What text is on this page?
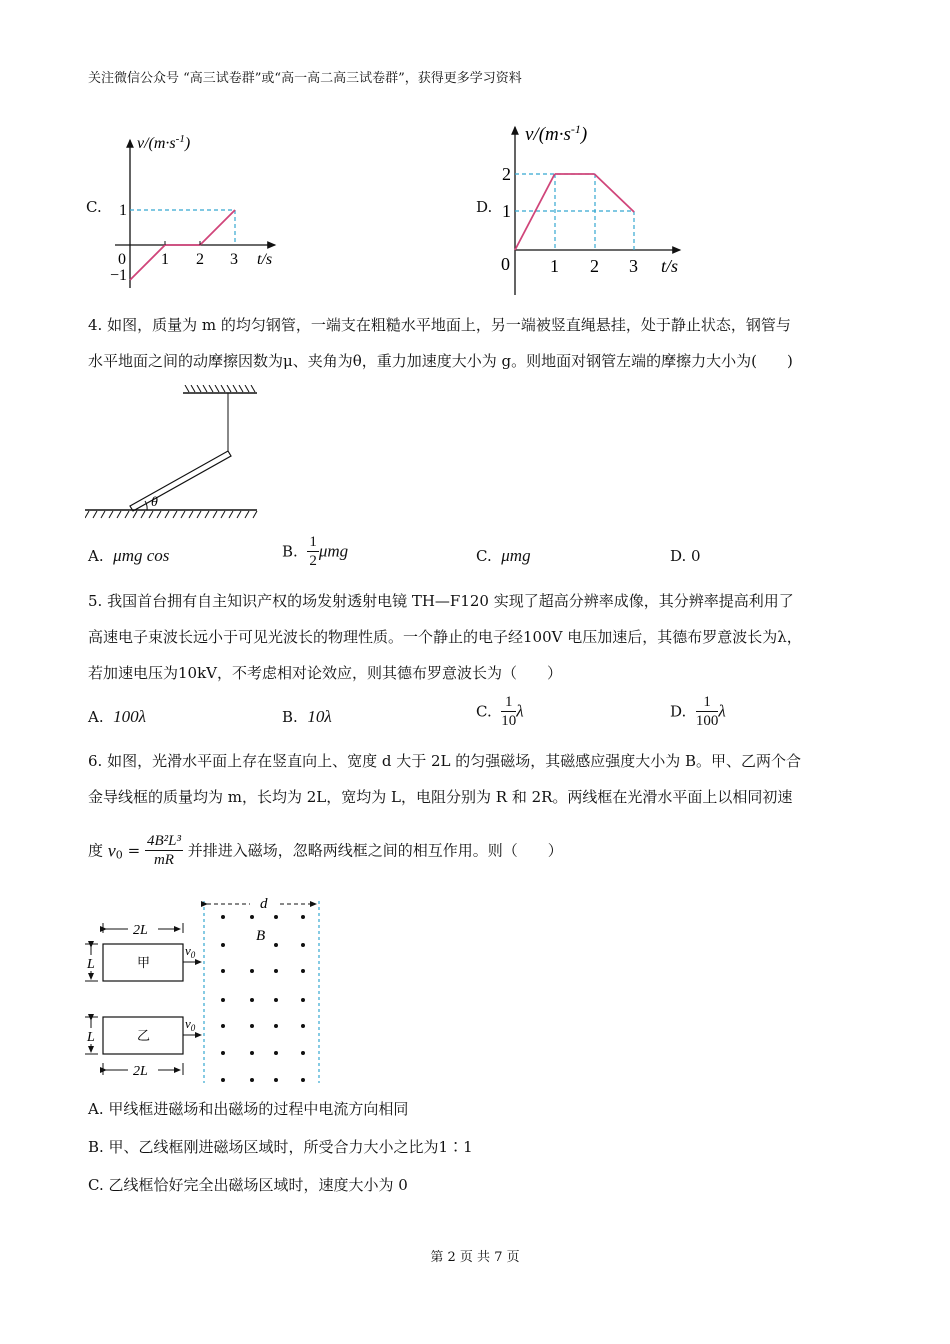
关注微信公众号 “高三试卷群”或“高一高二高三试卷群”，获得更多学习资料
C.
$v/(m\cdot s^{-1})$
t/s
1
−1
0 1 2 3
D.
$v/(m\cdot s^{-1})$
t/s
2
1
0 1 2 3
4. 如图，质量为 m 的均匀钢管，一端支在粗糙水平地面上，另一端被竖直绳悬挂，处于静止状态，钢管与
水平地面之间的动摩擦因数为μ、夹角为θ，重力加速度大小为 g。则地面对钢管左端的摩擦力大小为(　　)
θ
A. μmg cos	B. $\frac{1}{2}$ μmg	C. μmg	D. 0
5. 我国首台拥有自主知识产权的场发射透射电镜 TH—F120 实现了超高分辨率成像，其分辨率提高利用了
高速电子束波长远小于可见光波长的物理性质。一个静止的电子经100V 电压加速后，其德布罗意波长为λ，
若加速电压为10kV，不考虑相对论效应，则其德布罗意波长为（　　）
A. 100λ	B. 10λ	C. $\frac{1}{10}$ λ	D. $\frac{1}{100}$ λ
6. 如图，光滑水平面上存在竖直向上、宽度 d 大于 2L 的匀强磁场，其磁感应强度大小为 B。甲、乙两个合
金导线框的质量均为 m，长均为 2L，宽均为 L，电阻分别为 R 和 2R。两线框在光滑水平面上以相同初速
度 $v_0 = \frac{\text{4B²L³}}{mR}$ 并排进入磁场，忽略两线框之间的相互作用。则（　　）
d
B
2L
甲
$v_0$
L
乙
$v_0$
L
2L
A. 甲线框进磁场和出磁场的过程中电流方向相同
B. 甲、乙线框刚进磁场区域时，所受合力大小之比为1∶1
C. 乙线框恰好完全出磁场区域时，速度大小为 0
第 2 页 共 7 页
